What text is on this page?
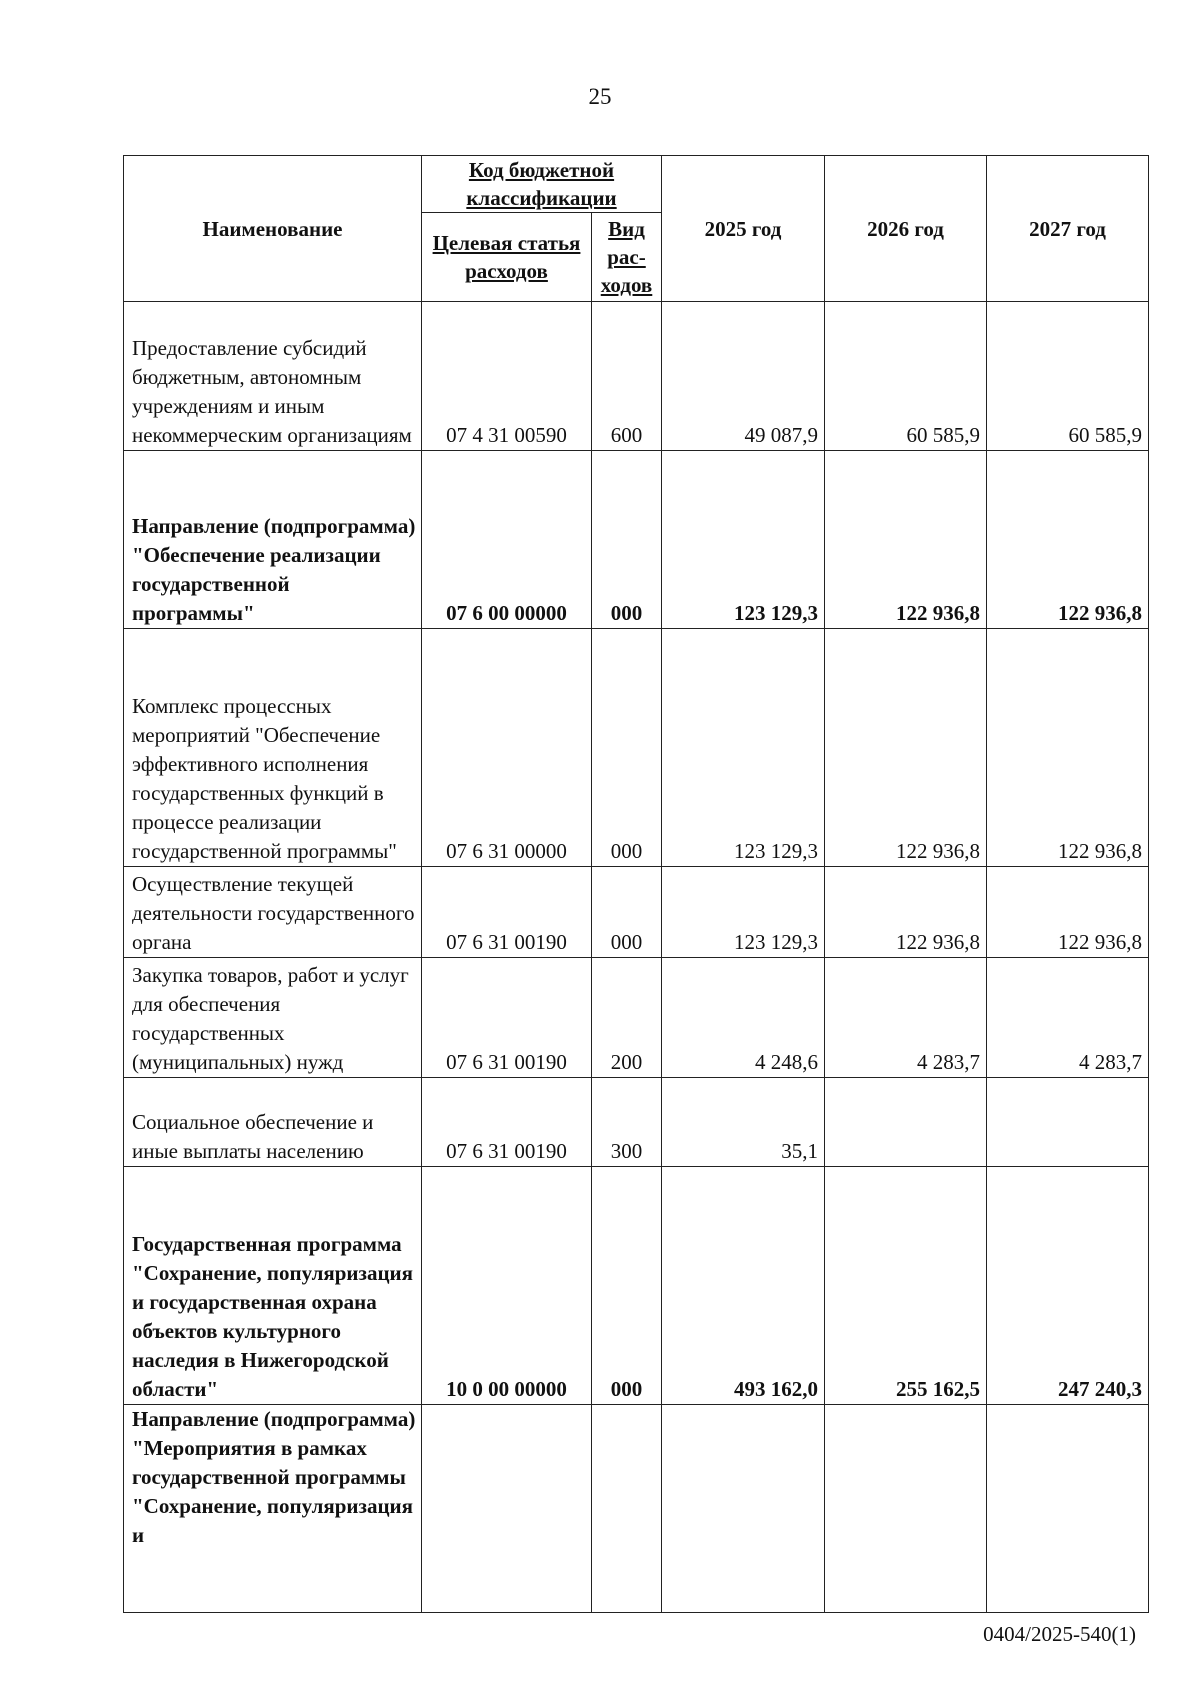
25
Наименование	Код бюджетной классификации		2025 год	2026 год	2027 год
	Целевая статья расходов	Вид рас-ходов			
Предоставление субсидий бюджетным, автономным учреждениям и иным некоммерческим организациям	07 4 31 00590	600	49 087,9	60 585,9	60 585,9
Направление (подпрограмма) "Обеспечение реализации государственной программы"	07 6 00 00000	000	123 129,3	122 936,8	122 936,8
Комплекс процессных мероприятий "Обеспечение эффективного исполнения государственных функций в процессе реализации государственной программы"	07 6 31 00000	000	123 129,3	122 936,8	122 936,8
Осуществление текущей деятельности государственного органа	07 6 31 00190	000	123 129,3	122 936,8	122 936,8
Закупка товаров, работ и услуг для обеспечения государственных (муниципальных) нужд	07 6 31 00190	200	4 248,6	4 283,7	4 283,7
Социальное обеспечение и иные выплаты населению	07 6 31 00190	300	35,1		
Государственная программа "Сохранение, популяризация и государственная охрана объектов культурного наследия в Нижегородской области"	10 0 00 00000	000	493 162,0	255 162,5	247 240,3
Направление (подпрограмма) "Мероприятия в рамках государственной программы "Сохранение, популяризация и					
0404/2025-540(1)
